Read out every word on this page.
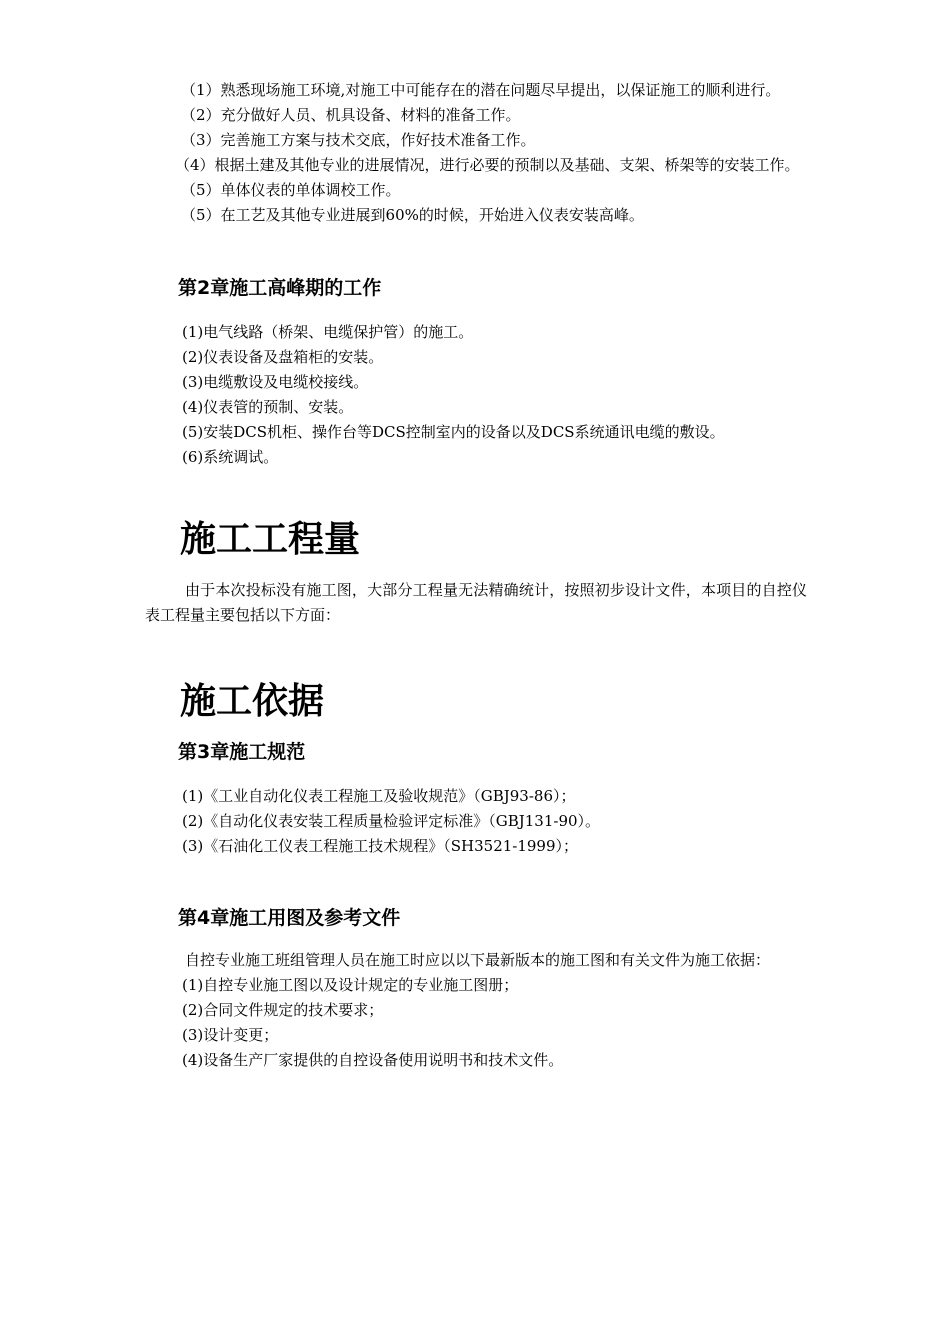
（1）熟悉现场施工环境,对施工中可能存在的潜在问题尽早提出，以保证施工的顺利进行。

（2）充分做好人员、机具设备、材料的准备工作。

（3）完善施工方案与技术交底，作好技术准备工作。

（4）根据土建及其他专业的进展情况，进行必要的预制以及基础、支架、桥架等的安装工作。

（5）单体仪表的单体调校工作。

（5）在工艺及其他专业进展到60%的时候，开始进入仪表安装高峰。

第2章施工高峰期的工作
(1)电气线路（桥架、电缆保护管）的施工。
(2)仪表设备及盘箱柜的安装。
(3)电缆敷设及电缆校接线。
(4)仪表管的预制、安装。
(5)安装DCS机柜、操作台等DCS控制室内的设备以及DCS系统通讯电缆的敷设。
(6)系统调试。
施工工程量

由于本次投标没有施工图，大部分工程量无法精确统计，按照初步设计文件，本项目的自控仪表工程量主要包括以下方面：

施工依据
第3章施工规范
(1)《工业自动化仪表工程施工及验收规范》（GBJ93-86）；
(2)《自动化仪表安装工程质量检验评定标准》（GBJ131-90）。
(3)《石油化工仪表工程施工技术规程》（SH3521-1999）；
第4章施工用图及参考文件

自控专业施工班组管理人员在施工时应以以下最新版本的施工图和有关文件为施工依据：

(1)自控专业施工图以及设计规定的专业施工图册；
(2)合同文件规定的技术要求；
(3)设计变更；
(4)设备生产厂家提供的自控设备使用说明书和技术文件。
